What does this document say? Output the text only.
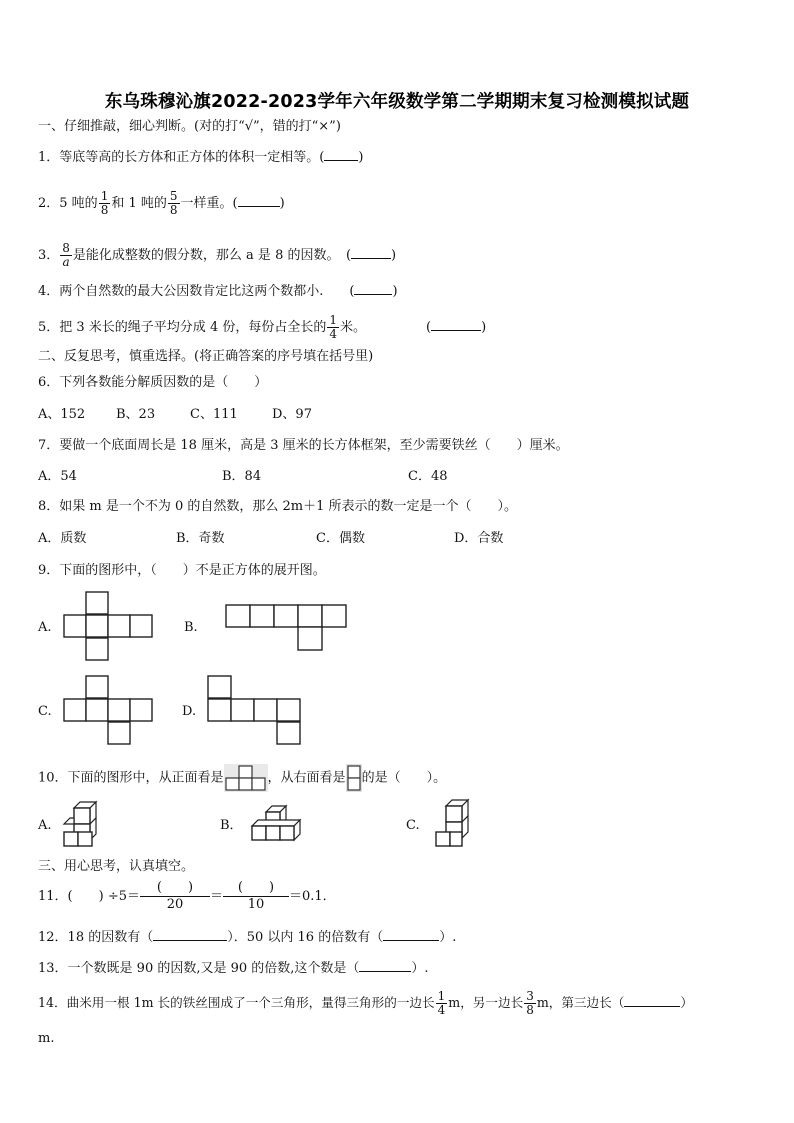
东乌珠穆沁旗2022-2023学年六年级数学第二学期期末复习检测模拟试题

一、仔细推敲，细心判断。(对的打“√”，错的打“×”)

1．等底等高的长方体和正方体的体积一定相等。(	)

2．5 吨的 $\frac{1}{8}$ 和 1 吨的 $\frac{5}{8}$ 一样重。(	)

3． $\frac{8}{a}$ 是能化成整数的假分数，那么 a 是 8 的因数。　(	)

4．两个自然数的最大公因数肯定比这两个数都小.　　(	)

5．把 3 米长的绳子平均分成 4 份，每份占全长的 $\frac{1}{4}$ 米。	(	)

二、反复思考，慎重选择。(将正确答案的序号填在括号里)

6．下列各数能分解质因数的是（　　）

A、152 B、23	C、111	D、97

7．要做一个底面周长是 18 厘米，高是 3 厘米的长方体框架，至少需要铁丝（　　）厘米。

A．54	B．84	C．48

8．如果 m 是一个不为 0 的自然数，那么 2m＋1 所表示的数一定是一个（　　）。

A．质数	B．奇数	C．偶数	D．合数

9．下面的图形中，（　　）不是正方体的展开图。

A.	B.

C.	D.

10．下面的图形中，从正面看是	，从右面看是 的是（　　）。

A.	B．	C.

三、用心思考，认真填空。

11．(　　) ÷5＝
(　　)
20
＝
(　　)
10
＝0.1．

12．18 的因数有（	）．50 以内 16 的倍数有（	）.

13．一个数既是 90 的因数,又是 90 的倍数,这个数是（	）.

14．曲米用一根 1m 长的铁丝围成了一个三角形，量得三角形的一边长 $\frac{1}{4}$ m，另一边长 $\frac{3}{8}$ m，第三边长（	）

m.
